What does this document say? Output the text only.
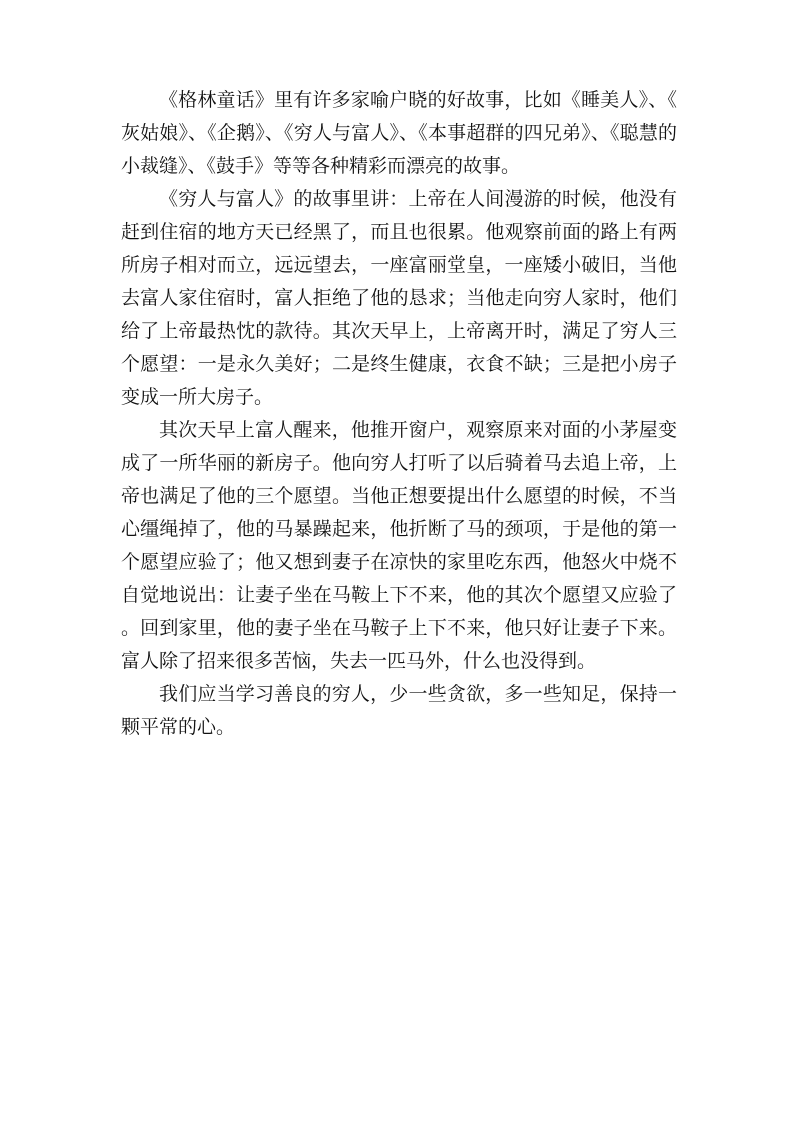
《格林童话》里有许多家喻户晓的好故事，比如《睡美人》、《灰姑娘》、《企鹅》、《穷人与富人》、《本事超群的四兄弟》、《聪慧的小裁缝》、《鼓手》等等各种精彩而漂亮的故事。

《穷人与富人》的故事里讲：上帝在人间漫游的时候，他没有赶到住宿的地方天已经黑了，而且也很累。他观察前面的路上有两所房子相对而立，远远望去，一座富丽堂皇，一座矮小破旧，当他去富人家住宿时，富人拒绝了他的恳求；当他走向穷人家时，他们给了上帝最热忱的款待。其次天早上，上帝离开时，满足了穷人三个愿望：一是永久美好；二是终生健康，衣食不缺；三是把小房子变成一所大房子。

其次天早上富人醒来，他推开窗户，观察原来对面的小茅屋变成了一所华丽的新房子。他向穷人打听了以后骑着马去追上帝，上帝也满足了他的三个愿望。当他正想要提出什么愿望的时候，不当心缰绳掉了，他的马暴躁起来，他折断了马的颈项，于是他的第一个愿望应验了；他又想到妻子在凉快的家里吃东西，他怒火中烧不自觉地说出：让妻子坐在马鞍上下不来，他的其次个愿望又应验了。回到家里，他的妻子坐在马鞍子上下不来，他只好让妻子下来。富人除了招来很多苦恼，失去一匹马外，什么也没得到。

我们应当学习善良的穷人，少一些贪欲，多一些知足，保持一颗平常的心。
